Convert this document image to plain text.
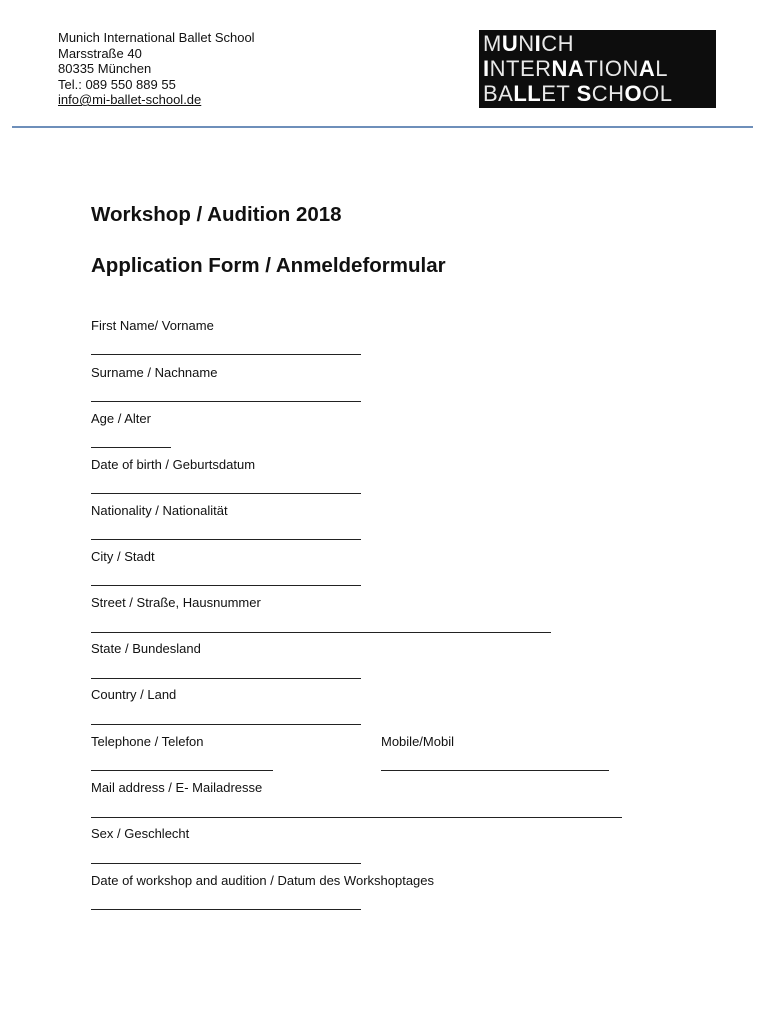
Munich International Ballet School
Marsstraße 40
80335 München
Tel.: 089 550 889 55
info@mi-ballet-school.de
MUNICH
INTERNATIONAL
BALLET SCHOOL
Workshop / Audition 2018
Application Form / Anmeldeformular
First Name/ Vorname
Surname / Nachname
Age / Alter
Date of birth / Geburtsdatum
Nationality / Nationalität
City / Stadt
Street / Straße, Hausnummer
State / Bundesland
Country / Land
Telephone / Telefon	Mobile/Mobil
Mail address / E- Mailadresse
Sex / Geschlecht
Date of workshop and audition / Datum des Workshoptages
